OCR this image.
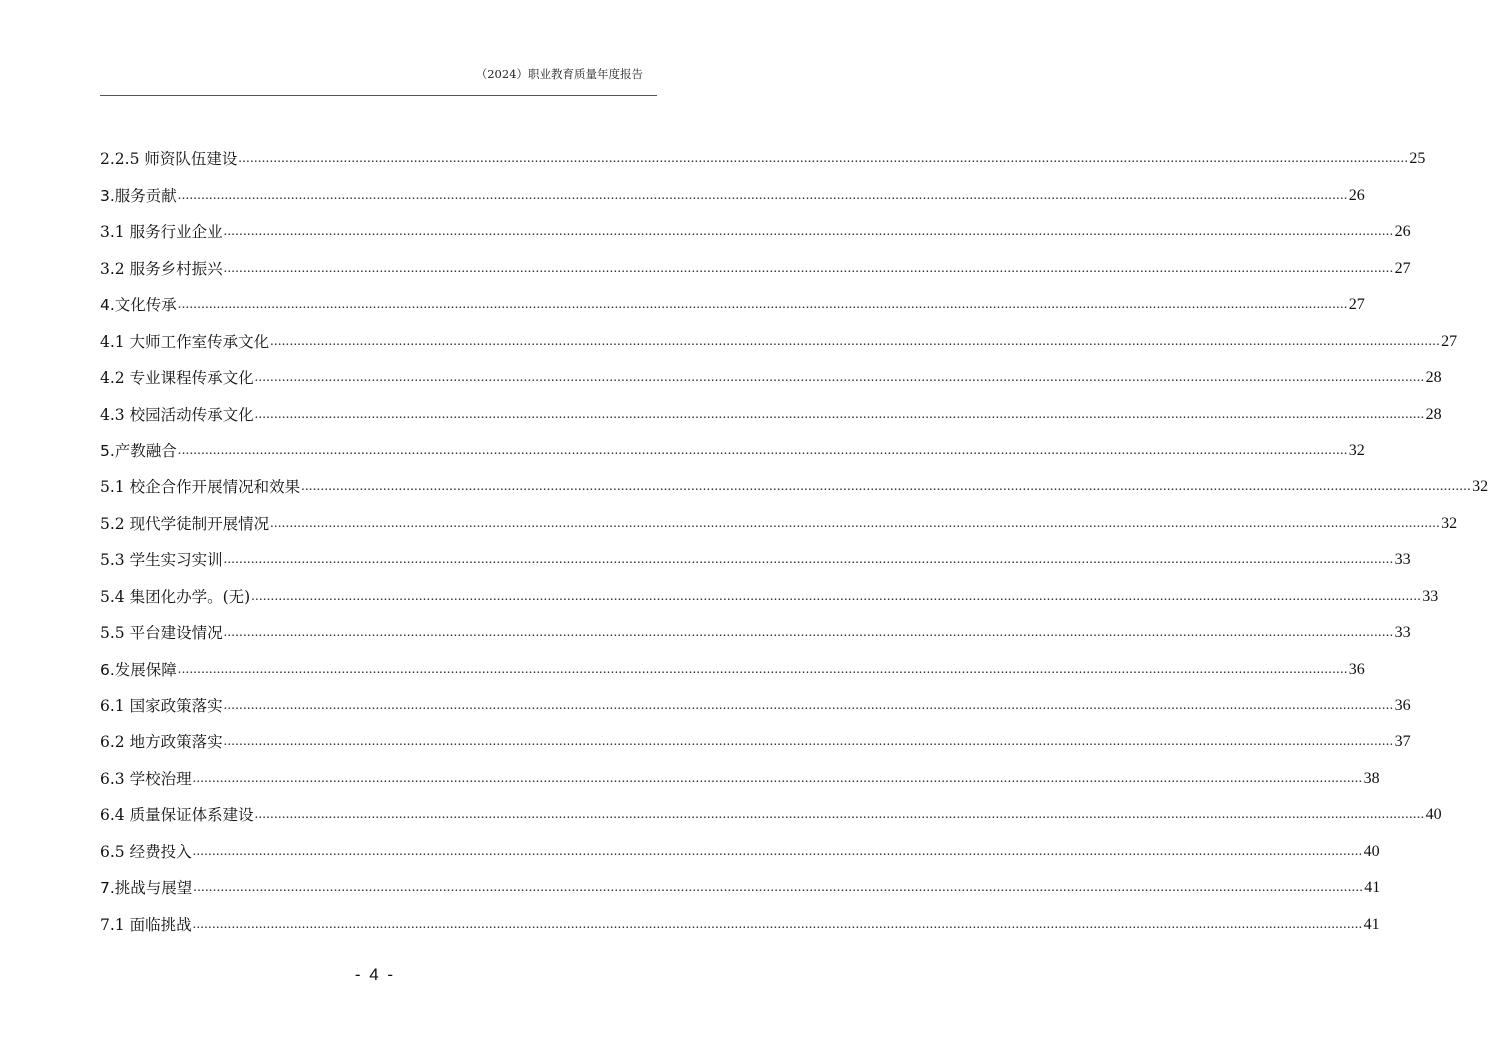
（2024）职业教育质量年度报告
2.2.5 师资队伍建设 ............................................................................................................................................................................................................................................................................................................ 25
3.服务贡献 ............................................................................................................................................................................................................................................................................................................ 26
3.1 服务行业企业 ............................................................................................................................................................................................................................................................................................................ 26
3.2 服务乡村振兴 ............................................................................................................................................................................................................................................................................................................ 27
4.文化传承 ............................................................................................................................................................................................................................................................................................................ 27
4.1 大师工作室传承文化 ............................................................................................................................................................................................................................................................................................................ 27
4.2 专业课程传承文化 ............................................................................................................................................................................................................................................................................................................ 28
4.3 校园活动传承文化 ............................................................................................................................................................................................................................................................................................................ 28
5.产教融合 ............................................................................................................................................................................................................................................................................................................ 32
5.1 校企合作开展情况和效果 ............................................................................................................................................................................................................................................................................................................ 32
5.2 现代学徒制开展情况 ............................................................................................................................................................................................................................................................................................................ 32
5.3 学生实习实训 ............................................................................................................................................................................................................................................................................................................ 33
5.4 集团化办学。(无) ............................................................................................................................................................................................................................................................................................................ 33
5.5 平台建设情况 ............................................................................................................................................................................................................................................................................................................ 33
6.发展保障 ............................................................................................................................................................................................................................................................................................................ 36
6.1 国家政策落实 ............................................................................................................................................................................................................................................................................................................ 36
6.2 地方政策落实 ............................................................................................................................................................................................................................................................................................................ 37
6.3 学校治理 ............................................................................................................................................................................................................................................................................................................ 38
6.4 质量保证体系建设 ............................................................................................................................................................................................................................................................................................................ 40
6.5 经费投入 ............................................................................................................................................................................................................................................................................................................ 40
7.挑战与展望 ............................................................................................................................................................................................................................................................................................................ 41
7.1 面临挑战 ............................................................................................................................................................................................................................................................................................................ 41
- 4 -
